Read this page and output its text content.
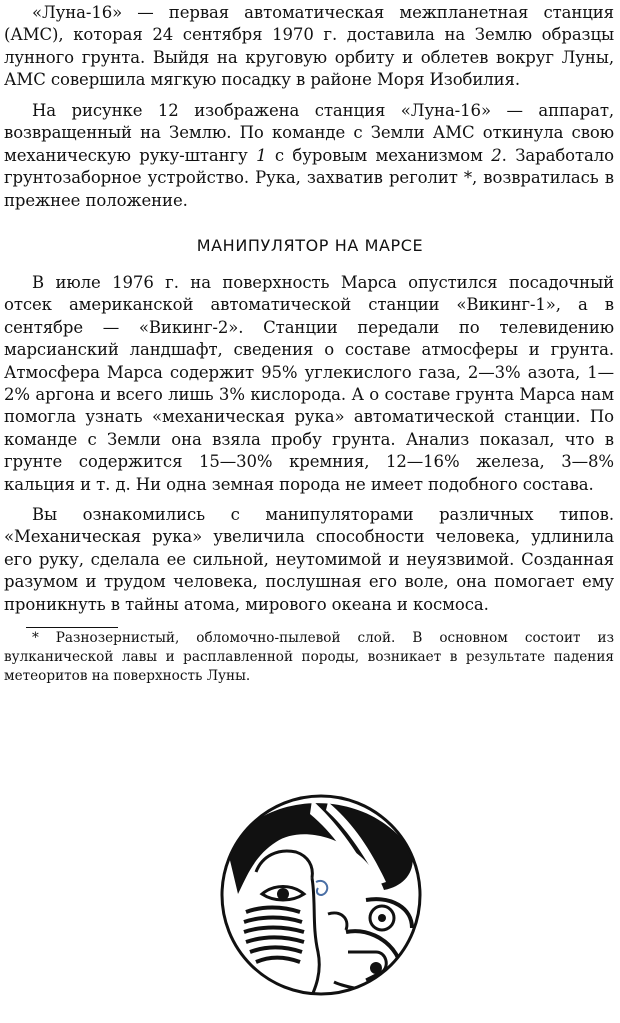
«Луна-16» — первая автоматическая межпланетная станция (АМС), которая 24 сентября 1970 г. доставила на Землю образцы лунного грунта. Выйдя на круговую орбиту и облетев вокруг Луны, АМС совершила мягкую посадку в районе Моря Изобилия.

На рисунке 12 изображена станция «Луна-16» — аппарат, возвращенный на Землю. По команде с Земли АМС откинула свою механическую руку-штангу 1 с буровым механизмом 2. Заработало грунтозаборное устройство. Рука, захватив реголит *, возвратилась в прежнее положение.

МАНИПУЛЯТОР НА МАРСЕ

В июле 1976 г. на поверхность Марса опустился посадочный отсек американской автоматической станции «Викинг-1», а в сентябре — «Викинг-2». Станции передали по телевидению марсианский ландшафт, сведения о составе атмосферы и грунта. Атмосфера Марса содержит 95% углекислого газа, 2—3% азота, 1—2% аргона и всего лишь 3% кислорода. А о составе грунта Марса нам помогла узнать «механическая рука» автоматической станции. По команде с Земли она взяла пробу грунта. Анализ показал, что в грунте содержится 15—30% кремния, 12—16% железа, 3—8% кальция и т. д. Ни одна земная порода не имеет подобного состава.

Вы ознакомились с манипуляторами различных типов. «Механическая рука» увеличила способности человека, удлинила его руку, сделала ее сильной, неутомимой и неуязвимой. Созданная разумом и трудом человека, послушная его воле, она помогает ему проникнуть в тайны атома, мирового океана и космоса.

* Разнозернистый, обломочно-пылевой слой. В основном состоит из вулканической лавы и расплавленной породы, возникает в результате падения метеоритов на поверхность Луны.
